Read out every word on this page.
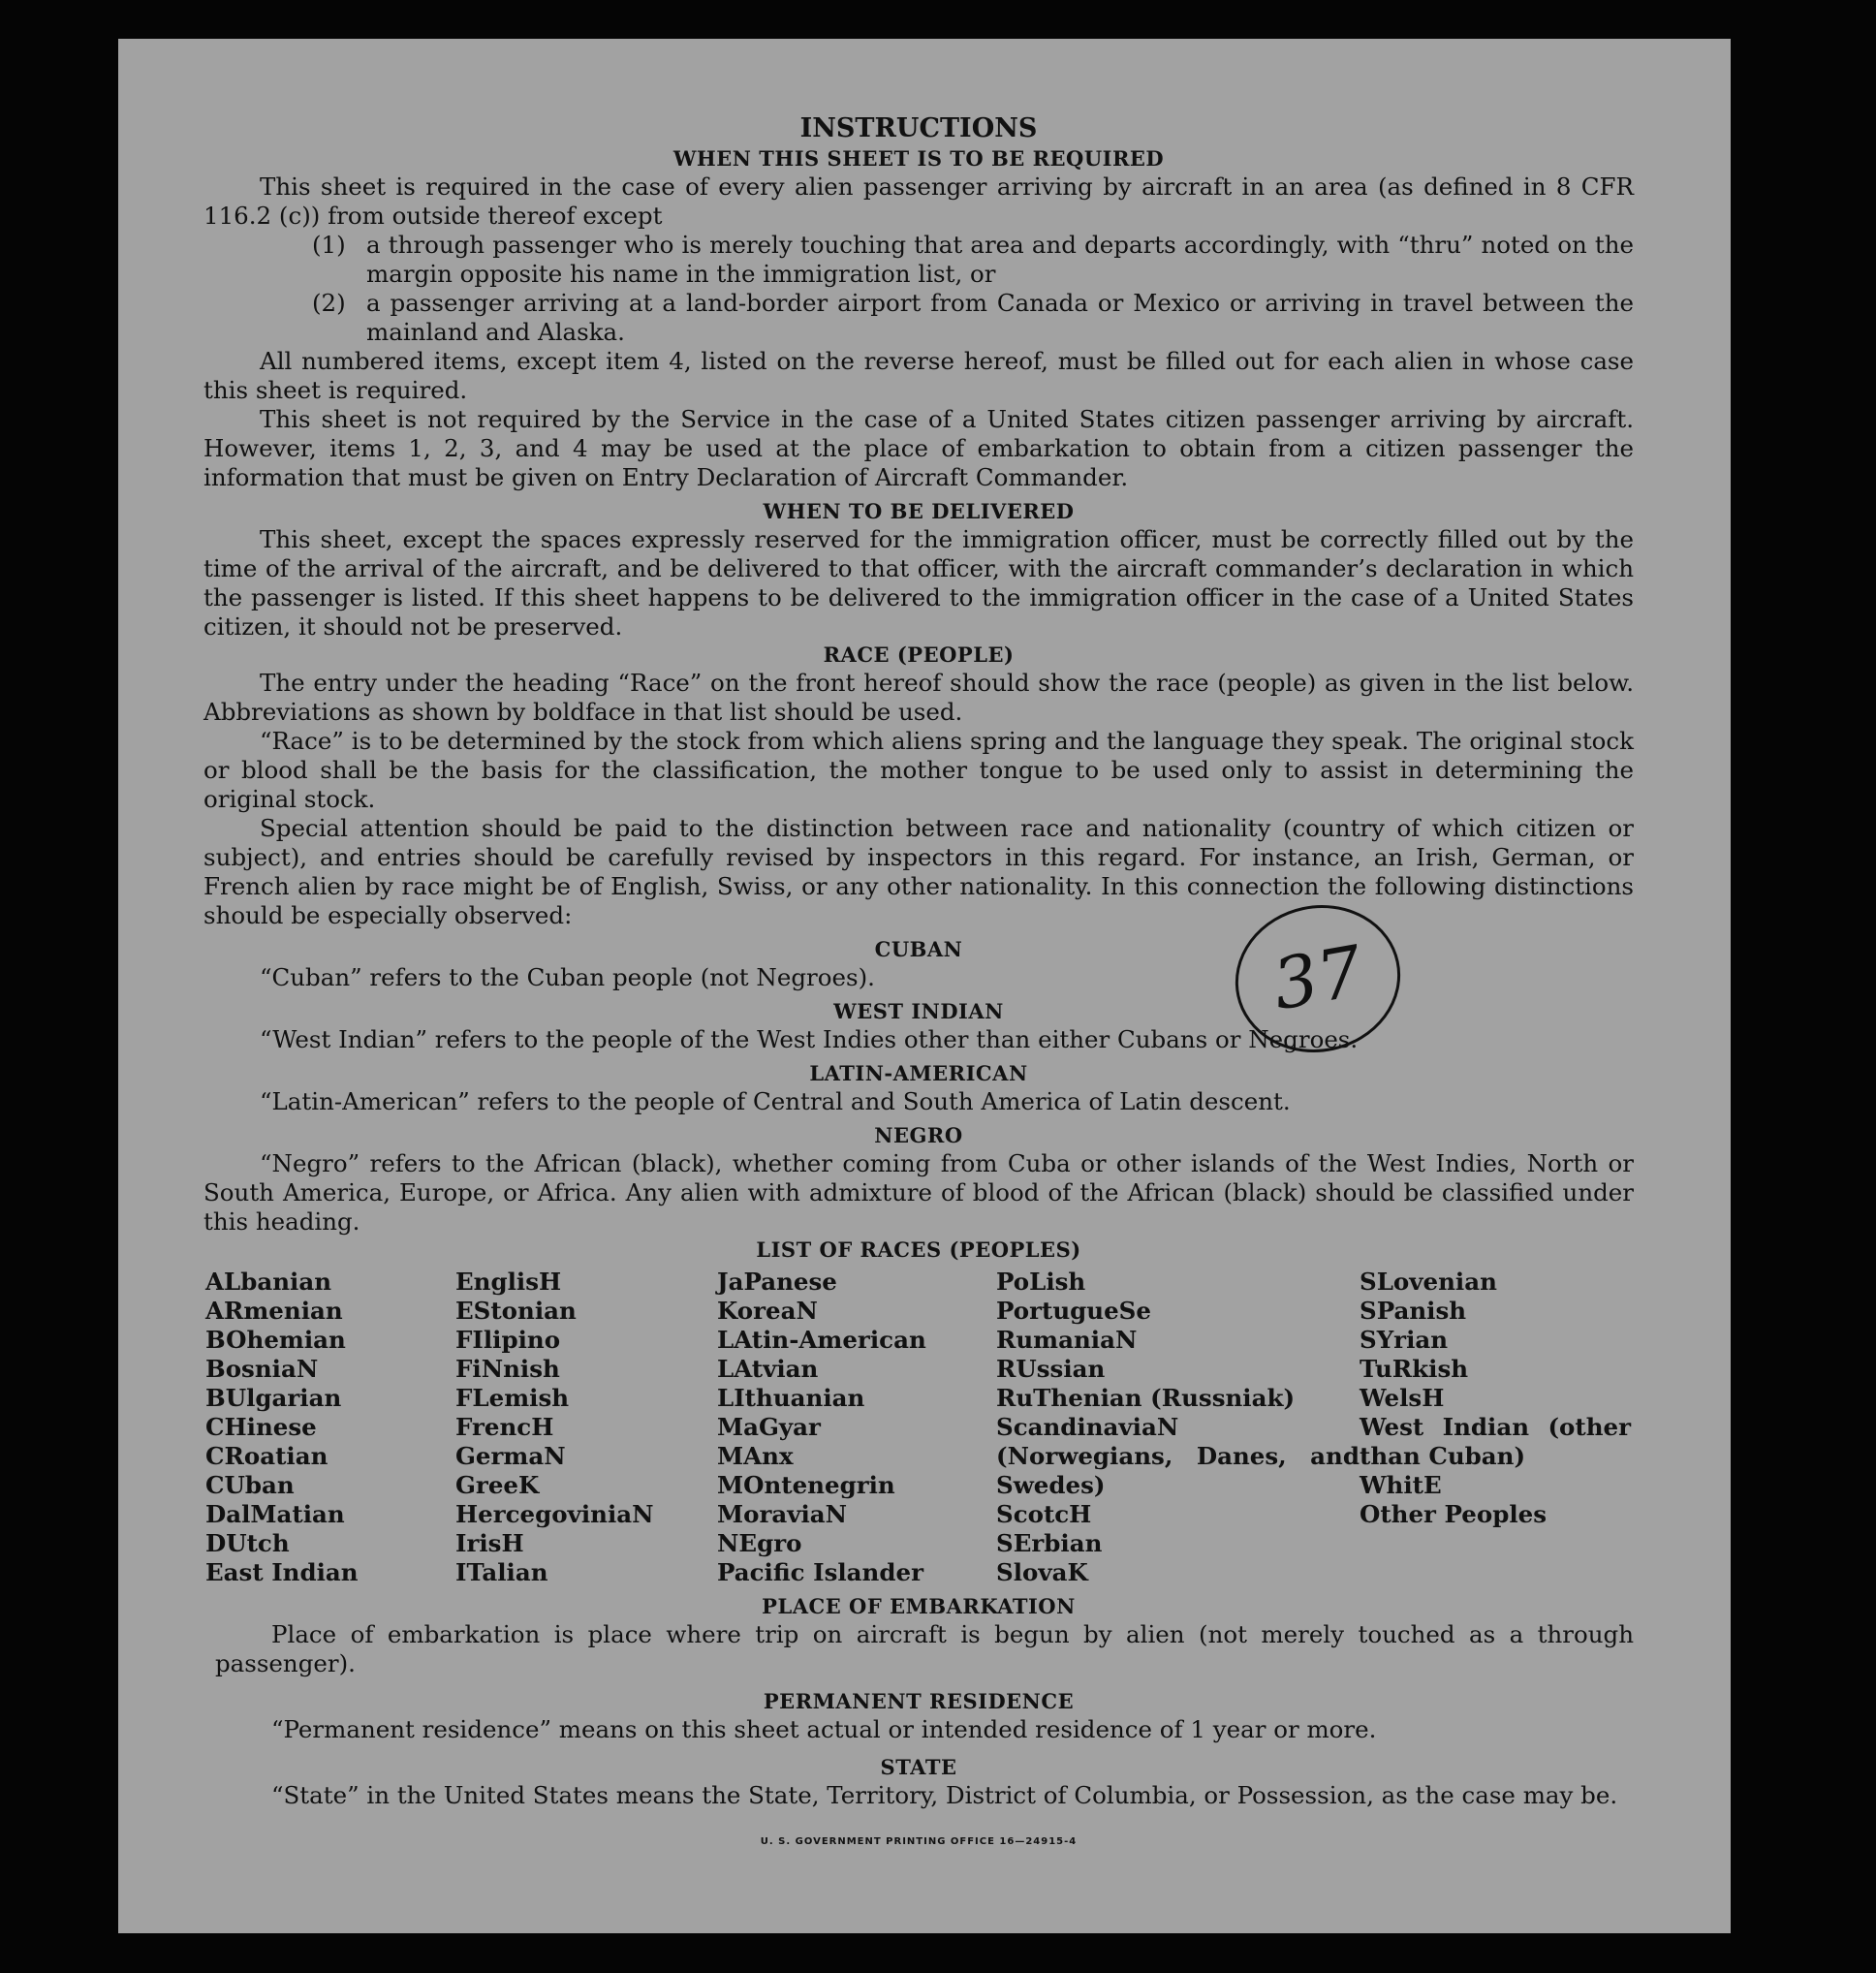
INSTRUCTIONS
WHEN THIS SHEET IS TO BE REQUIRED

This sheet is required in the case of every alien passenger arriving by aircraft in an area (as defined in 8 CFR 116.2 (c)) from outside thereof except

(1) a through passenger who is merely touching that area and departs accordingly, with “thru” noted on the margin opposite his name in the immigration list, or
(2) a passenger arriving at a land-border airport from Canada or Mexico or arriving in travel between the mainland and Alaska.

All numbered items, except item 4, listed on the reverse hereof, must be filled out for each alien in whose case this sheet is required.

This sheet is not required by the Service in the case of a United States citizen passenger arriving by aircraft. However, items 1, 2, 3, and 4 may be used at the place of embarkation to obtain from a citizen passenger the information that must be given on Entry Declaration of Aircraft Commander.

WHEN TO BE DELIVERED

This sheet, except the spaces expressly reserved for the immigration officer, must be correctly filled out by the time of the arrival of the aircraft, and be delivered to that officer, with the aircraft commander’s declaration in which the passenger is listed. If this sheet happens to be delivered to the immigration officer in the case of a United States citizen, it should not be preserved.

RACE (PEOPLE)

The entry under the heading “Race” on the front hereof should show the race (people) as given in the list below. Abbreviations as shown by boldface in that list should be used.

“Race” is to be determined by the stock from which aliens spring and the language they speak. The original stock or blood shall be the basis for the classification, the mother tongue to be used only to assist in determining the original stock.

Special attention should be paid to the distinction between race and nationality (country of which citizen or subject), and entries should be carefully revised by inspectors in this regard. For instance, an Irish, German, or French alien by race might be of English, Swiss, or any other nationality. In this connection the following distinctions should be especially observed:

CUBAN

“Cuban” refers to the Cuban people (not Negroes).

WEST INDIAN

“West Indian” refers to the people of the West Indies other than either Cubans or Negroes.

LATIN-AMERICAN

“Latin-American” refers to the people of Central and South America of Latin descent.

NEGRO

“Negro” refers to the African (black), whether coming from Cuba or other islands of the West Indies, North or South America, Europe, or Africa. Any alien with admixture of blood of the African (black) should be classified under this heading.

LIST OF RACES (PEOPLES)
ALbanian
ARmenian
BOhemian
BosniaN
BUlgarian
CHinese
CRoatian
CUban
DalMatian
DUtch
East Indian
EnglisH
EStonian
FIlipino
FiNnish
FLemish
FrencH
GermaN
GreeK
HercegoviniaN
IrisH
ITalian
JaPanese
KoreaN
LAtin-American
LAtvian
LIthuanian
MaGyar
MAnx
MOntenegrin
MoraviaN
NEgro
Pacific Islander
PoLish
PortugueSe
RumaniaN
RUssian
RuThenian (Russniak)
ScandinaviaN (Norwegians, Danes, and Swedes)
ScotcH
SErbian
SlovaK
SLovenian
SPanish
SYrian
TuRkish
WelsH
West Indian (other than Cuban)
WhitE
Other Peoples
PLACE OF EMBARKATION

Place of embarkation is place where trip on aircraft is begun by alien (not merely touched as a through passenger).

PERMANENT RESIDENCE

“Permanent residence” means on this sheet actual or intended residence of 1 year or more.

STATE

“State” in the United States means the State, Territory, District of Columbia, or Possession, as the case may be.

U. S. GOVERNMENT PRINTING OFFICE 16—24915-4
37
